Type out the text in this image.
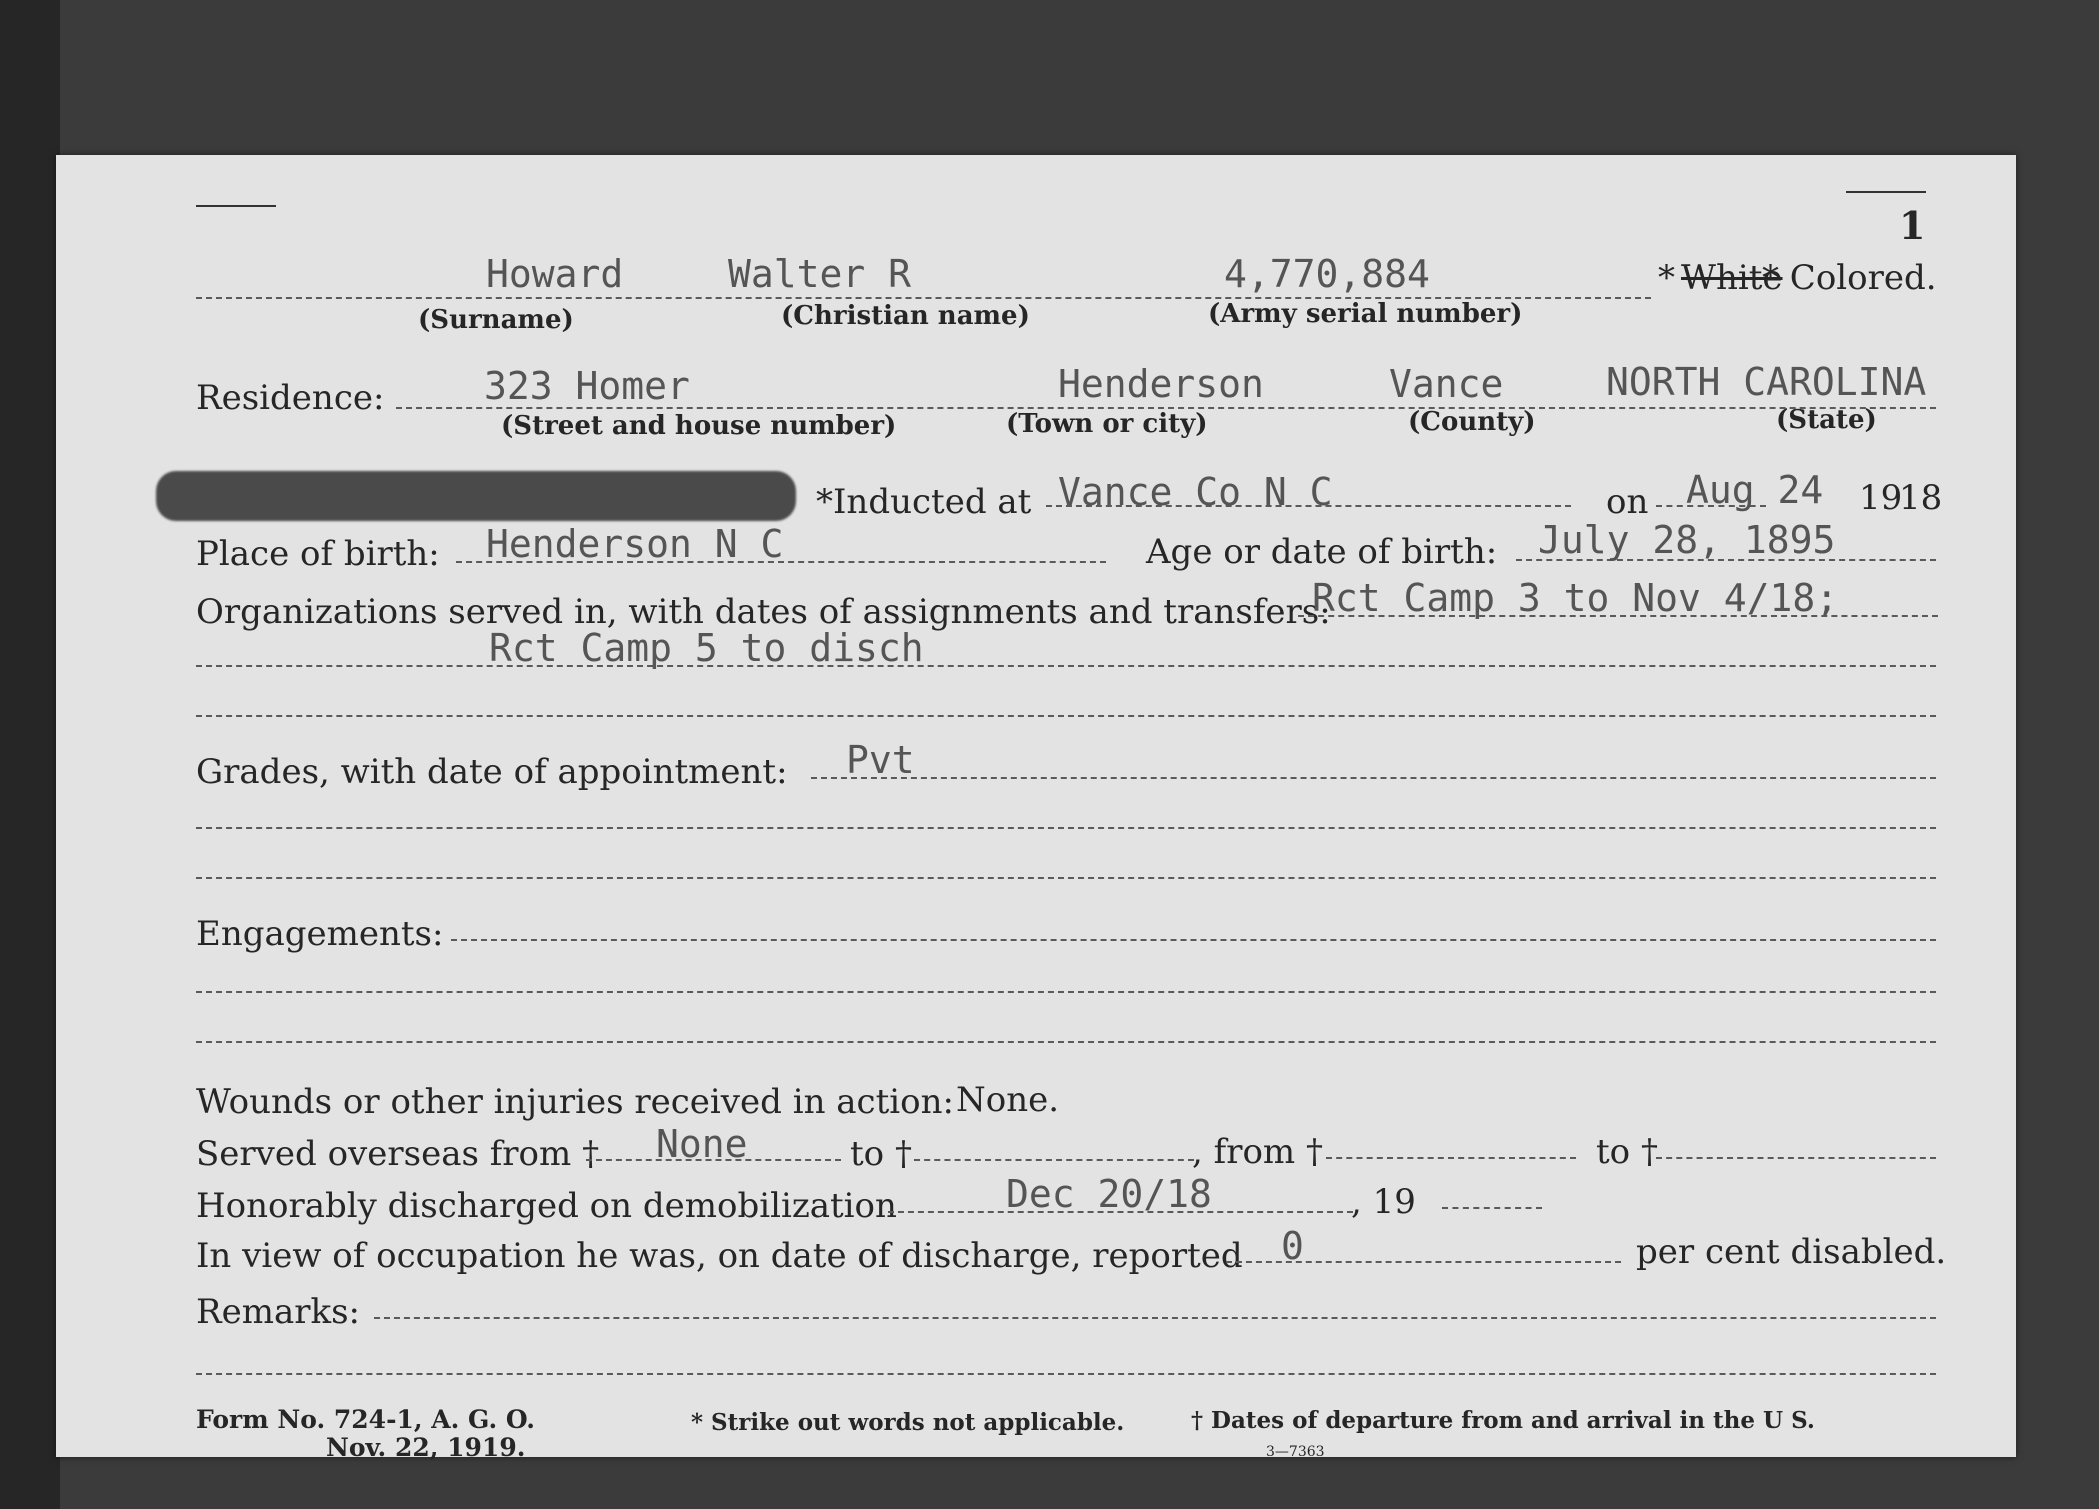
1
Howard	Walter R	4,770,884	* White
* Colored.
(Surname)	(Christian name)	(Army serial number)
Residence:	323 Homer	Henderson	Vance	NORTH CAROLINA
(Street and house number)	(Town or city)	(County)	(State)
*Inducted at Vance Co N C	on Aug 24 19
18
Place of birth: Henderson N C	Age or date of birth: July 28, 1895
Organizations served in, with dates of assignments and transfers:
Rct Camp 3 to Nov 4/18;
Rct Camp 5 to disch
Grades, with date of appointment: Pvt
Engagements:
Wounds or other injuries received in action: None.
Served overseas from † None	to †	, from †	to †
Honorably discharged on demobilization	Dec 20/18	, 19
In view of occupation he was, on date of discharge, reported 0	per cent disabled.
Remarks:
Form No. 724-1, A. G. O.
Nov. 22, 1919.
* Strike out words not applicable.	† Dates of departure from and arrival in the U S.
3—7363
